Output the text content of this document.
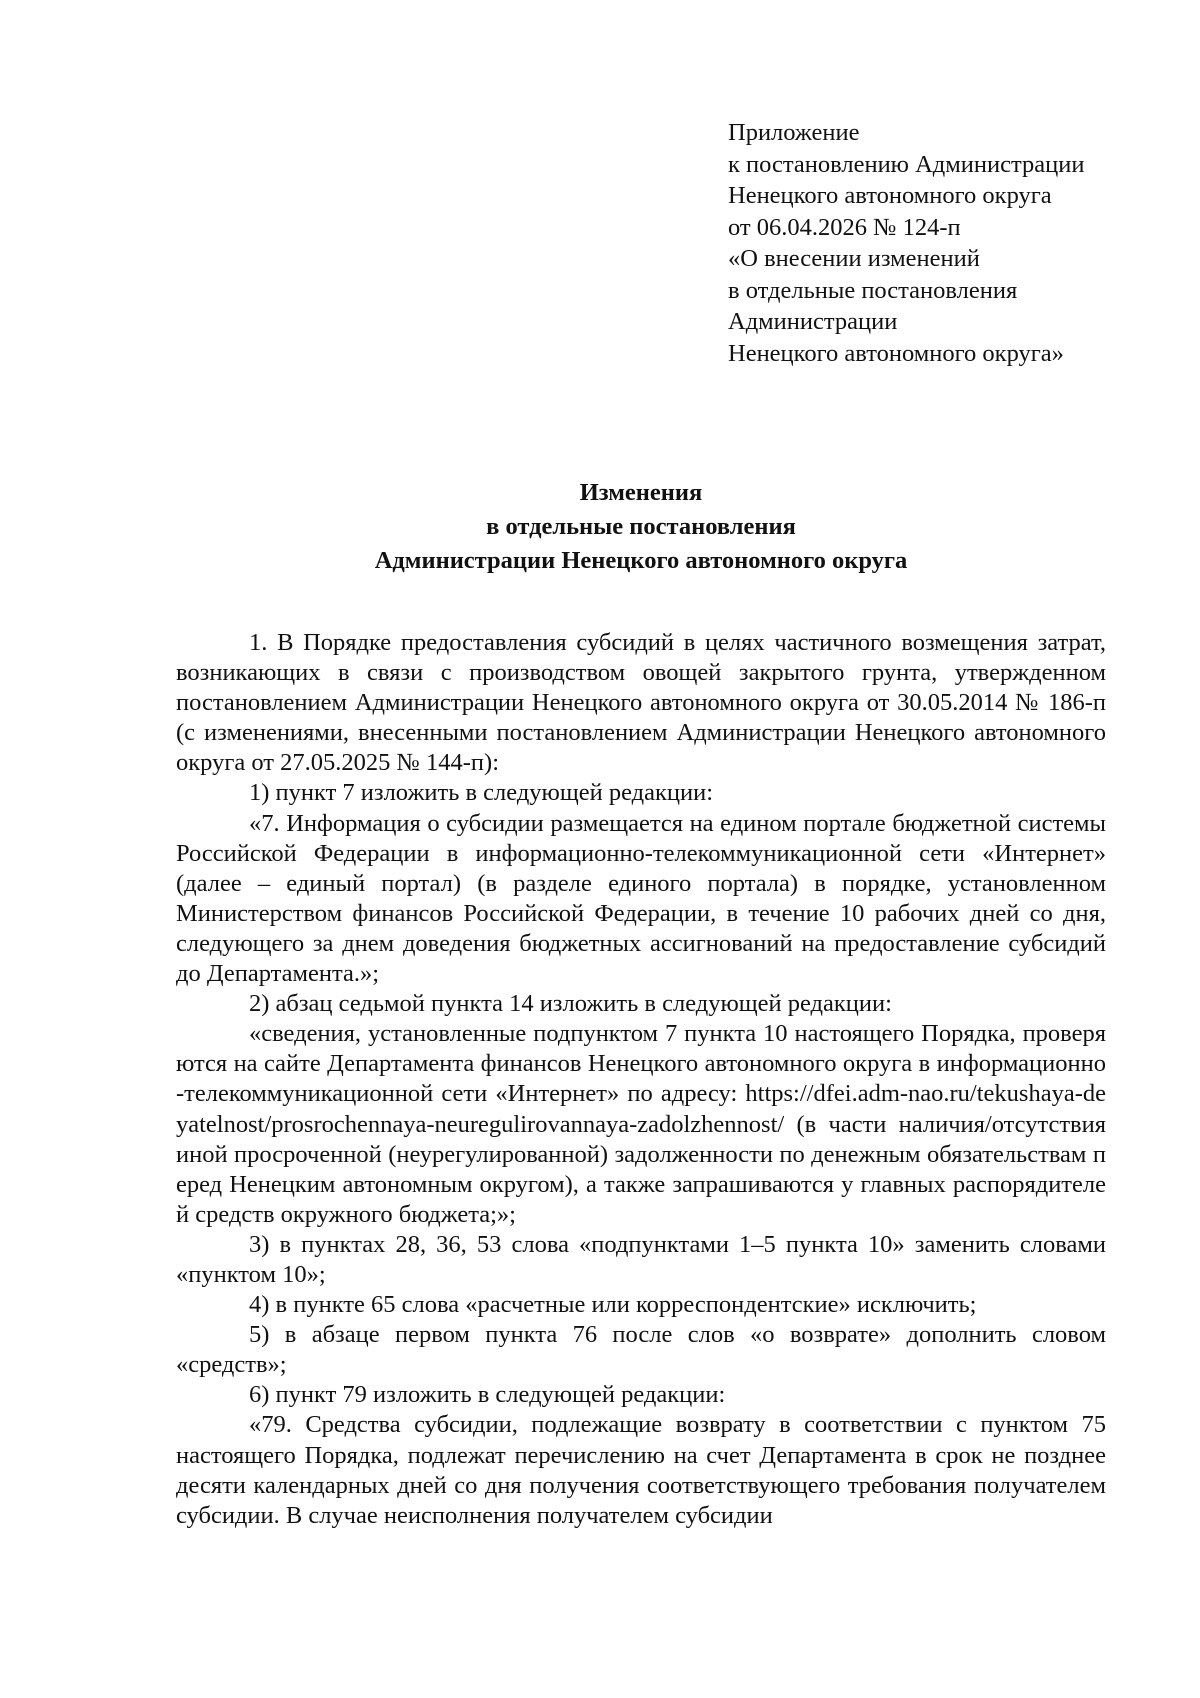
Приложение
к постановлению Администрации
Ненецкого автономного округа
от 06.04.2026 № 124-п
«О внесении изменений
в отдельные постановления
Администрации
Ненецкого автономного округа»
Изменения
в отдельные постановления
Администрации Ненецкого автономного округа

1. В Порядке предоставления субсидий в целях частичного возмещения затрат, возникающих в связи с производством овощей закрытого грунта, утвержденном постановлением Администрации Ненецкого автономного округа от 30.05.2014 № 186-п (с изменениями, внесенными постановлением Администрации Ненецкого автономного округа от 27.05.2025 № 144-п):

1) пункт 7 изложить в следующей редакции:

«7. Информация о субсидии размещается на едином портале бюджетной системы Российской Федерации в информационно-телекоммуникационной сети «Интернет» (далее – единый портал) (в разделе единого портала) в порядке, установленном Министерством финансов Российской Федерации, в течение 10 рабочих дней со дня, следующего за днем доведения бюджетных ассигнований на предоставление субсидий до Департамента.»;

2) абзац седьмой пункта 14 изложить в следующей редакции:

«сведения, установленные подпунктом 7 пункта 10 настоящего Порядка, проверяются на сайте Департамента финансов Ненецкого автономного округа в информационно-телекоммуникационной сети «Интернет» по адресу: https://dfei.adm-nao.ru/tekushaya-deyatelnost/prosrochennaya-neuregulirovannaya-zadolzhennost/ (в части наличия/отсутствия иной просроченной (неурегулированной) задолженности по денежным обязательствам перед Ненецким автономным округом), а также запрашиваются у главных распорядителей средств окружного бюджета;»;

3) в пунктах 28, 36, 53 слова «подпунктами 1–5 пункта 10» заменить словами «пунктом 10»;

4) в пункте 65 слова «расчетные или корреспондентские» исключить;

5) в абзаце первом пункта 76 после слов «о возврате» дополнить словом «средств»;

6) пункт 79 изложить в следующей редакции:

«79. Средства субсидии, подлежащие возврату в соответствии с пунктом 75 настоящего Порядка, подлежат перечислению на счет Департамента в срок не позднее десяти календарных дней со дня получения соответствующего требования получателем субсидии. В случае неисполнения получателем субсидии
